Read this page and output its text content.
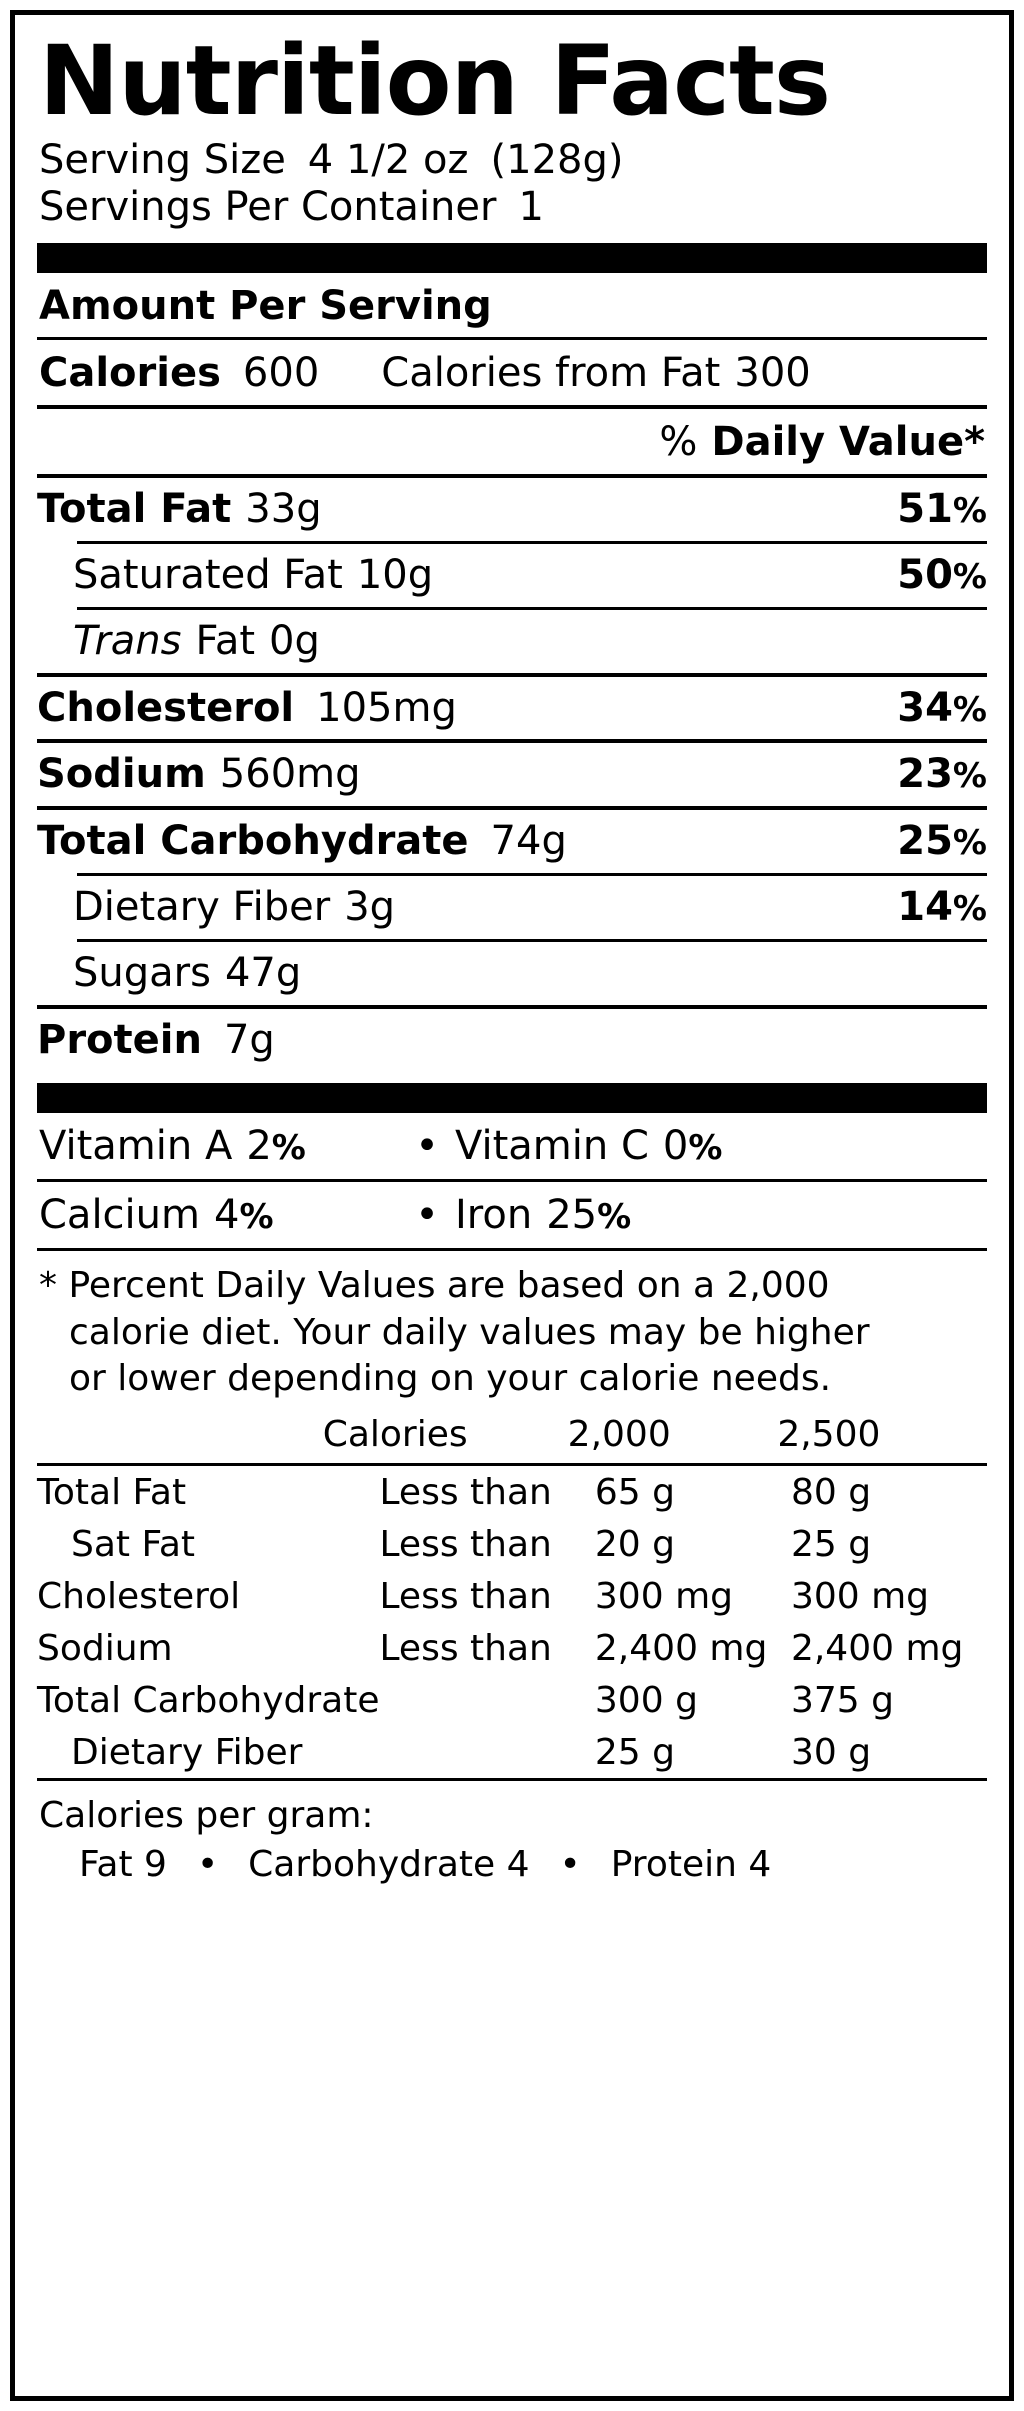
Nutrition Facts
Serving Size 4 1/2 oz (128g)
Servings Per Container 1
Amount Per Serving
Calories 600 Calories from Fat 300
% Daily Value*
Total Fat 33g	51%
Saturated Fat 10g	50%
Trans Fat 0g
Cholesterol 105mg	34%
Sodium 560mg	23%
Total Carbohydrate 74g	25%
Dietary Fiber 3g	14%
Sugars 47g
Protein 7g
Vitamin A 2%	• Vitamin C 0%
Calcium 4%	• Iron 25%
* Percent Daily Values are based on a 2,000
calorie diet. Your daily values may be higher
or lower depending on your calorie needs.
	Calories	2,000	2,500
Total Fat	Less than	65 g	80 g
Sat Fat	Less than	20 g	25 g
Cholesterol	Less than	300 mg	300 mg
Sodium	Less than	2,400 mg	2,400 mg
Total Carbohydrate		300 g	375 g
Dietary Fiber		25 g	30 g
Calories per gram:
Fat 9 • Carbohydrate 4 • Protein 4
